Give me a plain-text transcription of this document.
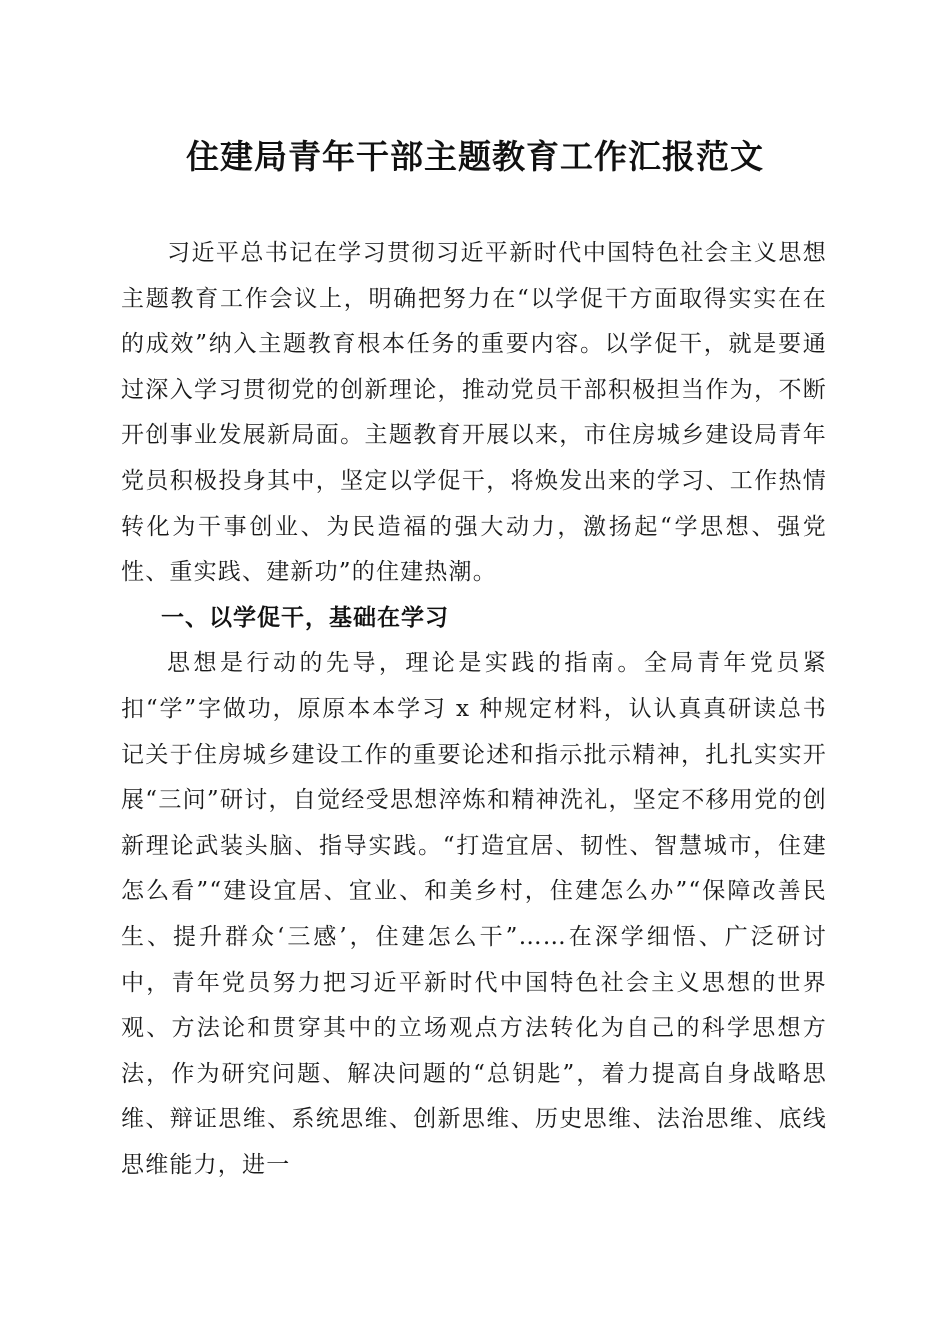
住建局青年干部主题教育工作汇报范文

习近平总书记在学习贯彻习近平新时代中国特色社会主义思想主题教育工作会议上，明确把努力在“以学促干方面取得实实在在的成效”纳入主题教育根本任务的重要内容。以学促干，就是要通过深入学习贯彻党的创新理论，推动党员干部积极担当作为，不断开创事业发展新局面。主题教育开展以来，市住房城乡建设局青年党员积极投身其中，坚定以学促干，将焕发出来的学习、工作热情转化为干事创业、为民造福的强大动力，激扬起“学思想、强党性、重实践、建新功”的住建热潮。

一、以学促干，基础在学习

思想是行动的先导，理论是实践的指南。全局青年党员紧扣“学”字做功，原原本本学习 x 种规定材料，认认真真研读总书记关于住房城乡建设工作的重要论述和指示批示精神，扎扎实实开展“三问”研讨，自觉经受思想淬炼和精神洗礼，坚定不移用党的创新理论武装头脑、指导实践。“打造宜居、韧性、智慧城市，住建怎么看”“建设宜居、宜业、和美乡村，住建怎么办”“保障改善民生、提升群众‘三感’，住建怎么干”……在深学细悟、广泛研讨中，青年党员努力把习近平新时代中国特色社会主义思想的世界观、方法论和贯穿其中的立场观点方法转化为自己的科学思想方法，作为研究问题、解决问题的“总钥匙”，着力提高自身战略思维、辩证思维、系统思维、创新思维、历史思维、法治思维、底线思维能力，进一
